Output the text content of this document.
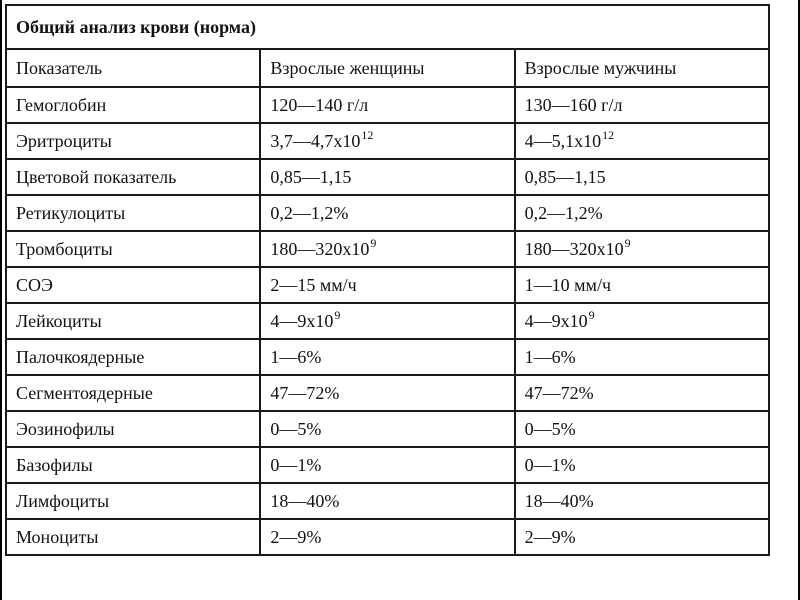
Общий анализ крови (норма)		
Показатель	Взрослые женщины	Взрослые мужчины
Гемоглобин	120—140 г/л	130—160 г/л
Эритроциты	$3,7—4,7x10^{12}$	$4—5,1x10^{12}$
Цветовой показатель	0,85—1,15	0,85—1,15
Ретикулоциты	0,2—1,2%	0,2—1,2%
Тромбоциты	$180—320x10^9$	$180—320x10^9$
СОЭ	2—15 мм/ч	1—10 мм/ч
Лейкоциты	$4—9x10^9$	$4—9x10^9$
Палочкоядерные	1—6%	1—6%
Сегментоядерные	47—72%	47—72%
Эозинофилы	0—5%	0—5%
Базофилы	0—1%	0—1%
Лимфоциты	18—40%	18—40%
Моноциты	2—9%	2—9%
